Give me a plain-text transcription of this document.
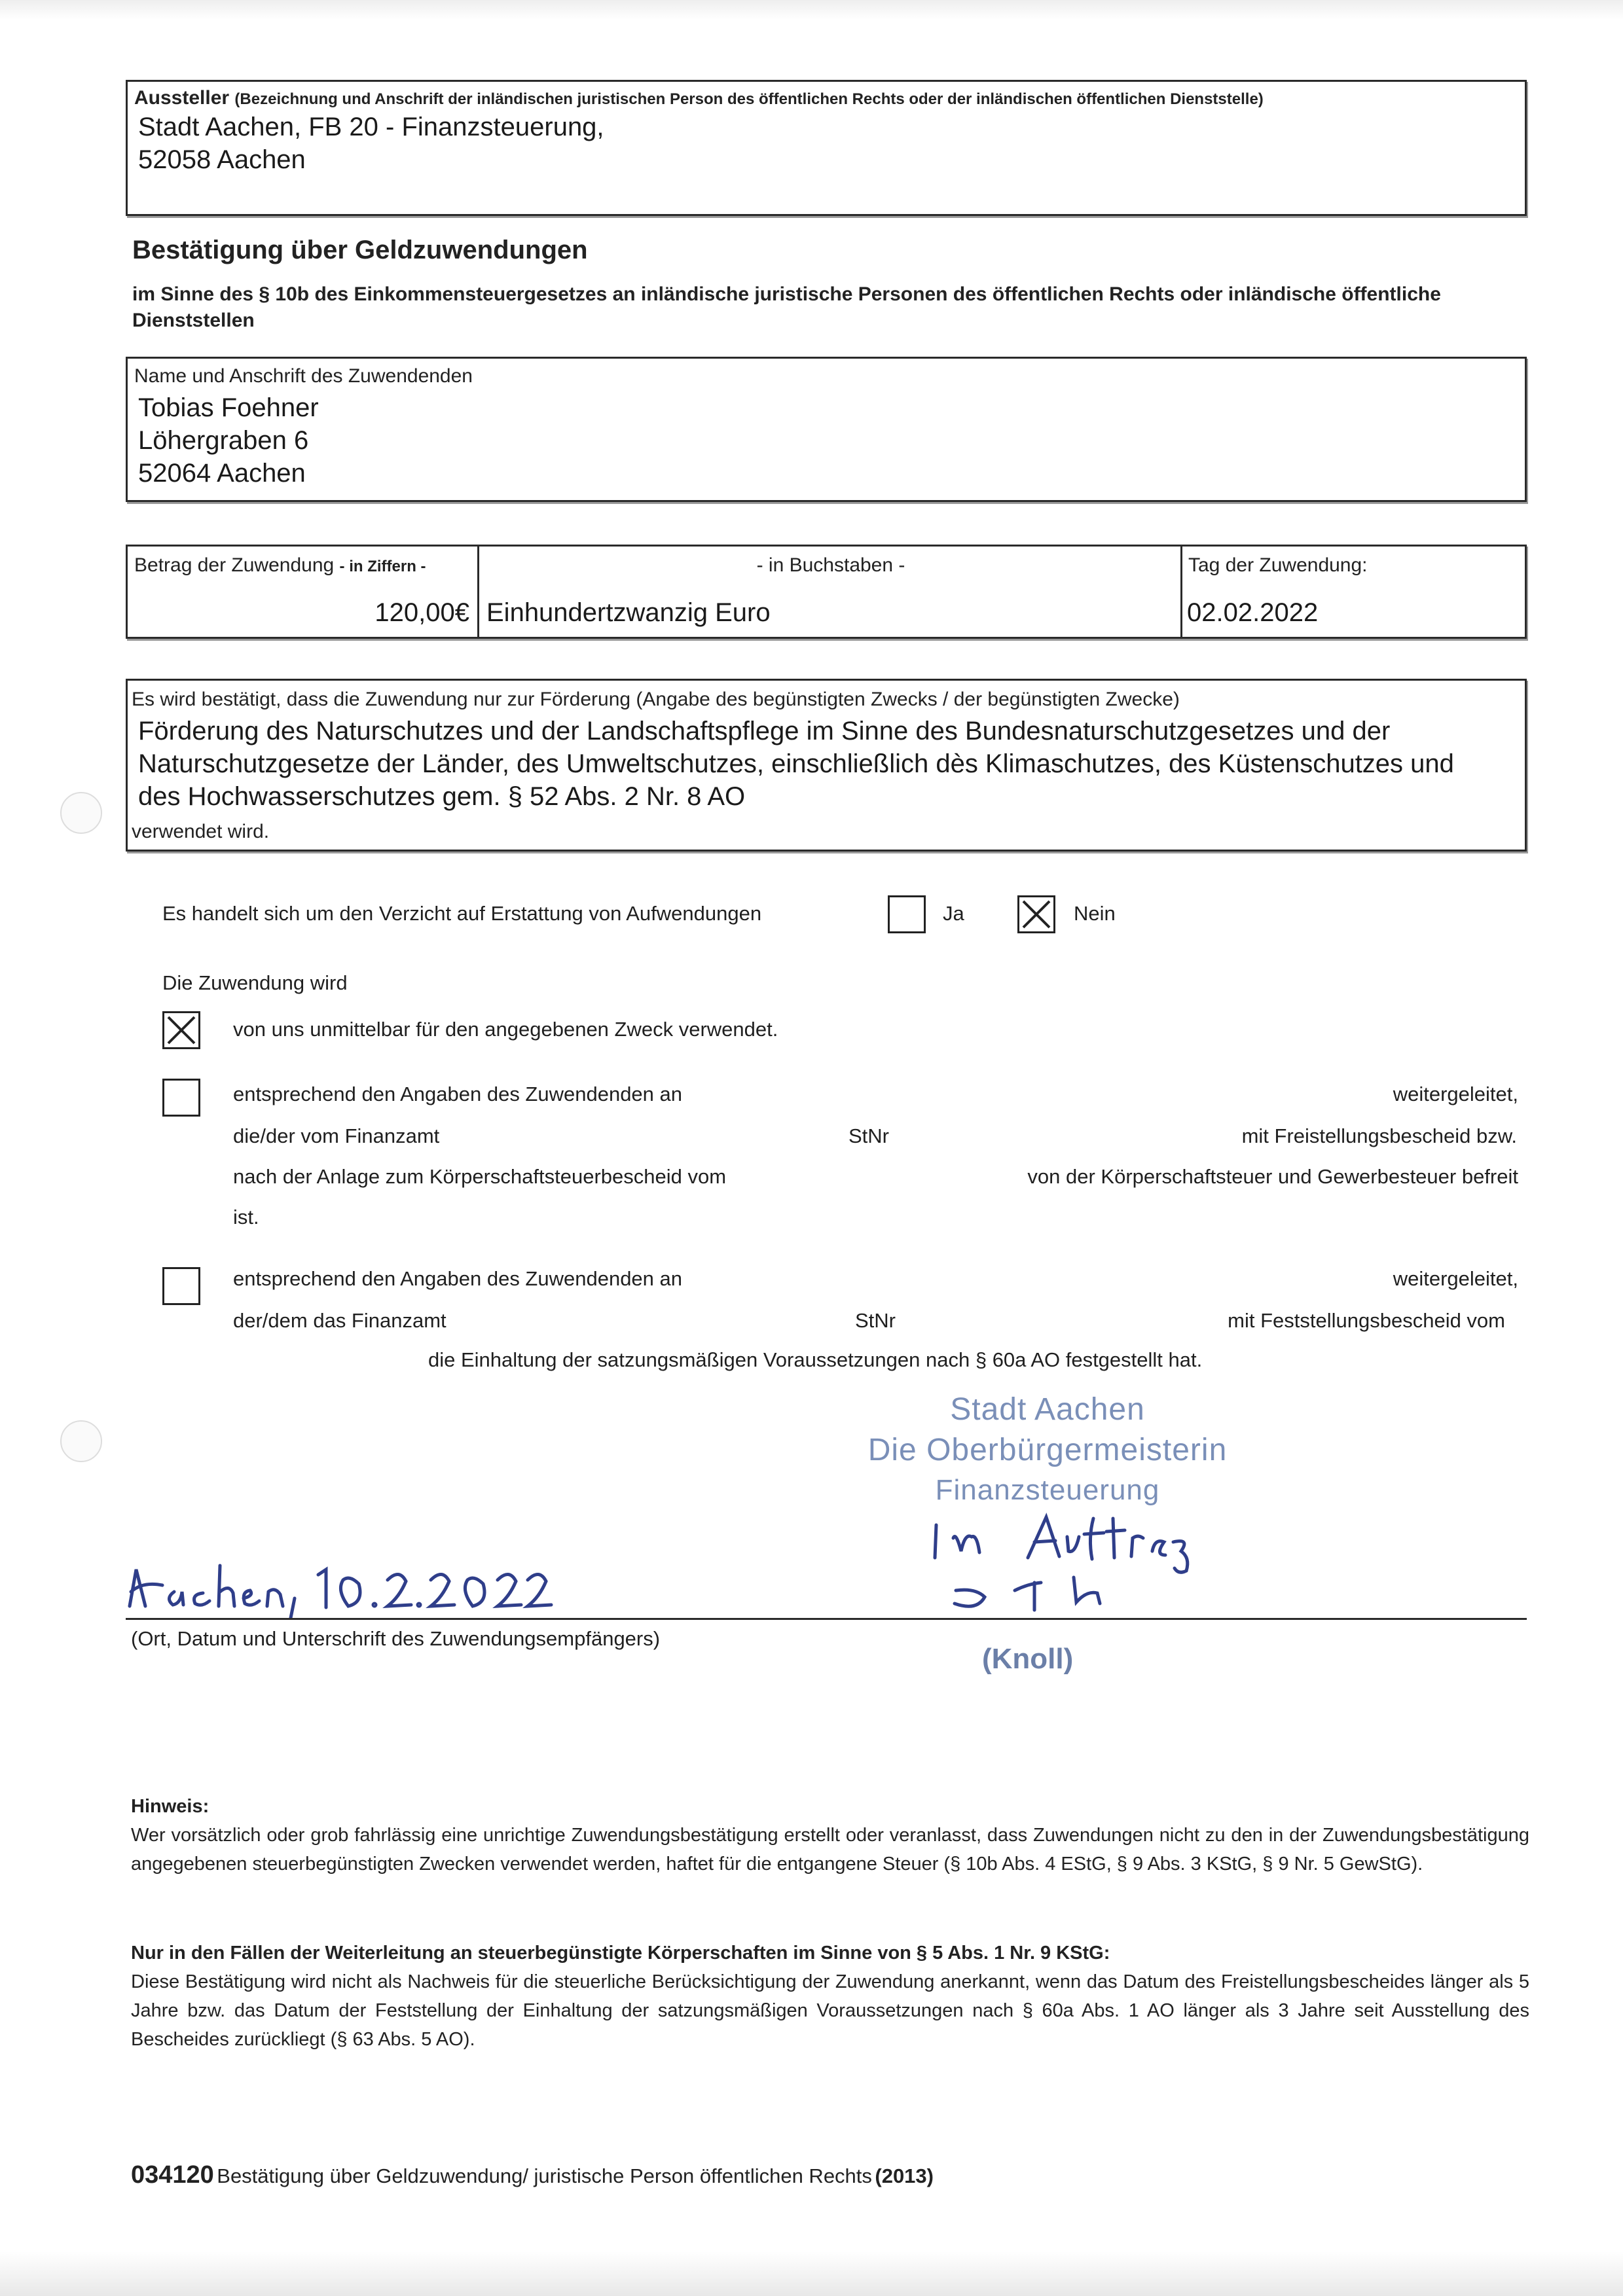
Aussteller (Bezeichnung und Anschrift der inländischen juristischen Person des öffentlichen Rechts oder der inländischen öffentlichen Dienststelle)
Stadt Aachen, FB 20 - Finanzsteuerung,
52058 Aachen
Bestätigung über Geldzuwendungen
im Sinne des § 10b des Einkommensteuergesetzes an inländische juristische Personen des öffentlichen Rechts oder inländische öffentliche Dienststellen
Name und Anschrift des Zuwendenden
Tobias Foehner
Löhergraben 6
52064 Aachen
Betrag der Zuwendung - in Ziffern -	- in Buchstaben -	Tag der Zuwendung:
120,00€ Einhundertzwanzig Euro	02.02.2022
Es wird bestätigt, dass die Zuwendung nur zur Förderung (Angabe des begünstigten Zwecks / der begünstigten Zwecke)
Förderung des Naturschutzes und der Landschaftspflege im Sinne des Bundesnaturschutzgesetzes und der
Naturschutzgesetze der Länder, des Umweltschutzes, einschließlich dès Klimaschutzes, des Küstenschutzes und
des Hochwasserschutzes gem. § 52 Abs. 2 Nr. 8 AO
verwendet wird.
Es handelt sich um den Verzicht auf Erstattung von Aufwendungen	Ja	Nein
Die Zuwendung wird
von uns unmittelbar für den angegebenen Zweck verwendet.
entsprechend den Angaben des Zuwendenden an	weitergeleitet,
die/der vom Finanzamt	StNr	mit Freistellungsbescheid bzw.
nach der Anlage zum Körperschaftsteuerbescheid vom	von der Körperschaftsteuer und Gewerbesteuer befreit
ist.
entsprechend den Angaben des Zuwendenden an	weitergeleitet,
der/dem das Finanzamt	StNr	mit Feststellungsbescheid vom
die Einhaltung der satzungsmäßigen Voraussetzungen nach § 60a AO festgestellt hat.
Stadt Aachen
Die Oberbürgermeisterin
Finanzsteuerung
(Ort, Datum und Unterschrift des Zuwendungsempfängers)
(Knoll)
Hinweis:
Wer vorsätzlich oder grob fahrlässig eine unrichtige Zuwendungsbestätigung erstellt oder veranlasst, dass Zuwendungen nicht zu den in der Zuwendungsbestätigung angegebenen steuerbegünstigten Zwecken verwendet werden, haftet für die entgangene Steuer (§ 10b Abs. 4 EStG, § 9 Abs. 3 KStG, § 9 Nr. 5 GewStG).
Nur in den Fällen der Weiterleitung an steuerbegünstigte Körperschaften im Sinne von § 5 Abs. 1 Nr. 9 KStG:
Diese Bestätigung wird nicht als Nachweis für die steuerliche Berücksichtigung der Zuwendung anerkannt, wenn das Datum des Freistellungsbescheides länger als 5 Jahre bzw. das Datum der Feststellung der Einhaltung der satzungsmäßigen Voraussetzungen nach § 60a Abs. 1 AO länger als 3 Jahre seit Ausstellung des Bescheides zurückliegt (§ 63 Abs. 5 AO).
034120 Bestätigung über Geldzuwendung/ juristische Person öffentlichen Rechts (2013)
